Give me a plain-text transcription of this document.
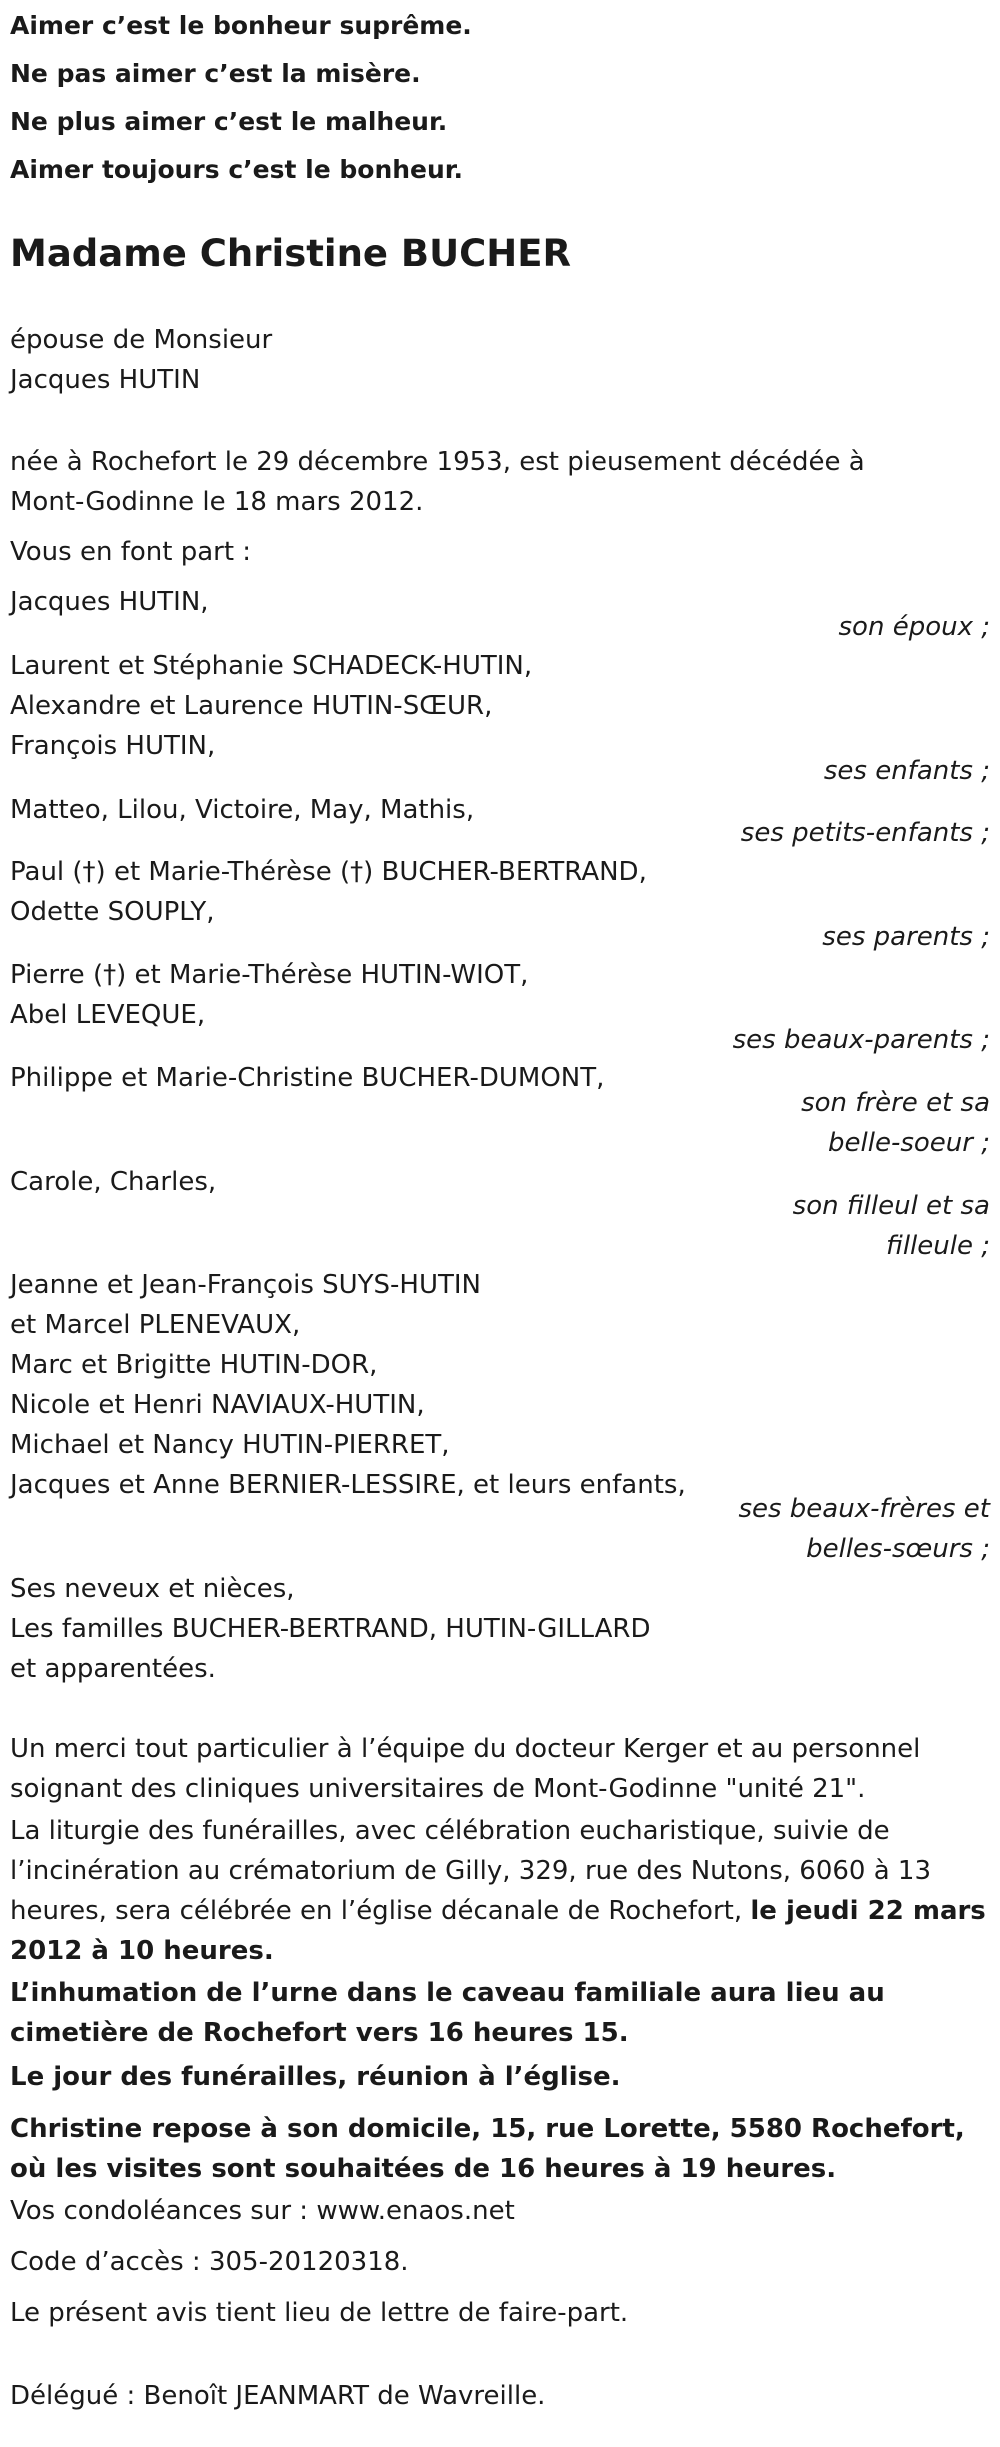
Aimer c’est le bonheur suprême.
Ne pas aimer c’est la misère.
Ne plus aimer c’est le malheur.
Aimer toujours c’est le bonheur.
Madame Christine BUCHER
épouse de Monsieur
Jacques HUTIN
née à Rochefort le 29 décembre 1953, est pieusement décédée à
Mont-Godinne le 18 mars 2012.
Vous en font part :
Jacques HUTIN,
son époux ;
Laurent et Stéphanie SCHADECK-HUTIN,
Alexandre et Laurence HUTIN-SŒUR,
François HUTIN,
ses enfants ;
Matteo, Lilou, Victoire, May, Mathis,
ses petits-enfants ;
Paul (†) et Marie-Thérèse (†) BUCHER-BERTRAND,
Odette SOUPLY,
ses parents ;
Pierre (†) et Marie-Thérèse HUTIN-WIOT,
Abel LEVEQUE,
ses beaux-parents ;
Philippe et Marie-Christine BUCHER-DUMONT,
son frère et sa
belle-soeur ;
Carole, Charles,
son filleul et sa
filleule ;
Jeanne et Jean-François SUYS-HUTIN
et Marcel PLENEVAUX,
Marc et Brigitte HUTIN-DOR,
Nicole et Henri NAVIAUX-HUTIN,
Michael et Nancy HUTIN-PIERRET,
Jacques et Anne BERNIER-LESSIRE, et leurs enfants,
ses beaux-frères et
belles-sœurs ;
Ses neveux et nièces,
Les familles BUCHER-BERTRAND, HUTIN-GILLARD
et apparentées.
Un merci tout particulier à l’équipe du docteur Kerger et au personnel soignant des cliniques universitaires de Mont-Godinne "unité 21".
La liturgie des funérailles, avec célébration eucharistique, suivie de l’incinération au crématorium de Gilly, 329, rue des Nutons, 6060 à 13 heures, sera célébrée en l’église décanale de Rochefort, le jeudi 22 mars 2012 à 10 heures.
L’inhumation de l’urne dans le caveau familiale aura lieu au cimetière de Rochefort vers 16 heures 15.
Le jour des funérailles, réunion à l’église.
Christine repose à son domicile, 15, rue Lorette, 5580 Rochefort, où les visites sont souhaitées de 16 heures à 19 heures.
Vos condoléances sur : www.enaos.net
Code d’accès : 305-20120318.
Le présent avis tient lieu de lettre de faire-part.
Délégué : Benoît JEANMART de Wavreille.
